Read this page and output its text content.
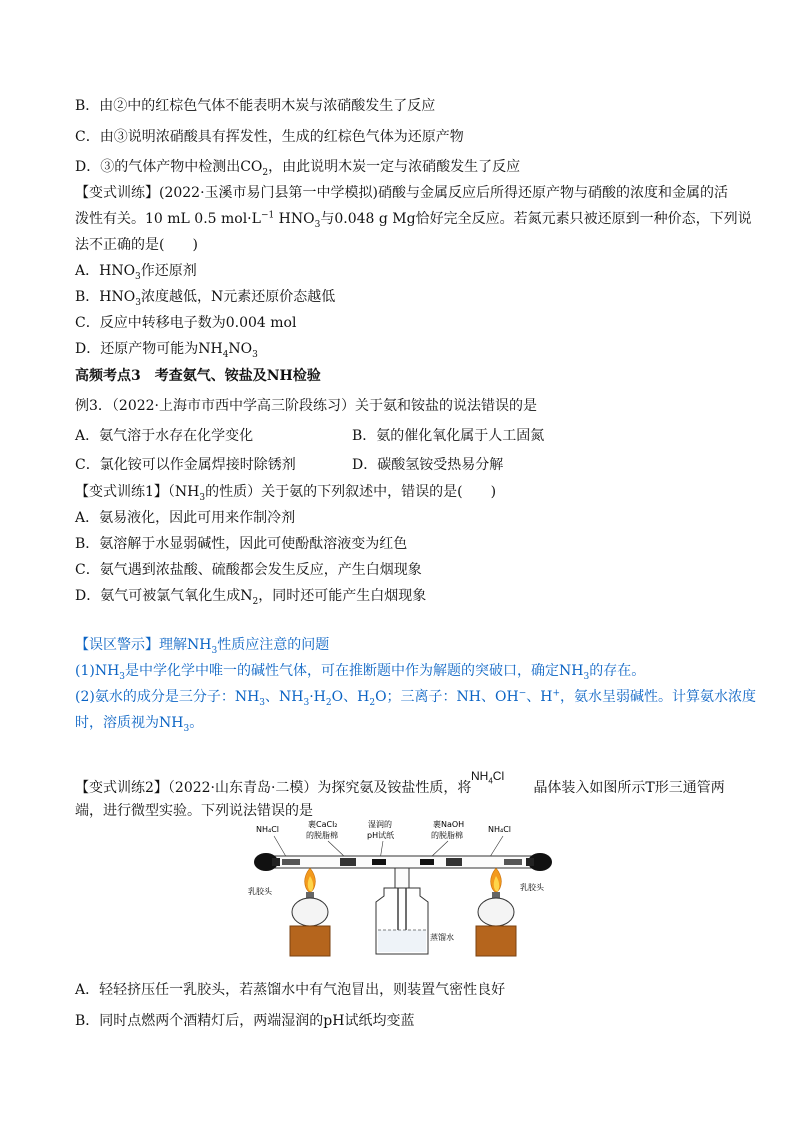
B．由②中的红棕色气体不能表明木炭与浓硝酸发生了反应
C．由③说明浓硝酸具有挥发性，生成的红棕色气体为还原产物
D．③的气体产物中检测出$CO_2$，由此说明木炭一定与浓硝酸发生了反应
【变式训练】(2022·玉溪市易门县第一中学模拟)硝酸与金属反应后所得还原产物与硝酸的浓度和金属的活
泼性有关。10 mL 0.5 $mol\cdot L^{-1}$ $HNO_3$与0.048 g Mg恰好完全反应。若氮元素只被还原到一种价态，下列说
法不正确的是(　　)
A．$HNO_3$作还原剂
B．$HNO_3$浓度越低，N元素还原价态越低
C．反应中转移电子数为0.004 mol
D．还原产物可能为$NH_4NO_3$
高频考点3　考查氨气、铵盐及NH检验
例3．（2022·上海市市西中学高三阶段练习）关于氨和铵盐的说法错误的是
A．氨气溶于水存在化学变化	B．氨的催化氧化属于人工固氮
C．氯化铵可以作金属焊接时除锈剂	D．碳酸氢铵受热易分解
【变式训练1】（$NH_3$的性质）关于氨的下列叙述中，错误的是(　　)
A．氨易液化，因此可用来作制冷剂
B．氨溶解于水显弱碱性，因此可使酚酞溶液变为红色
C．氨气遇到浓盐酸、硫酸都会发生反应，产生白烟现象
D．氨气可被氯气氧化生成$N_2$，同时还可能产生白烟现象
【误区警示】理解$NH_3$性质应注意的问题
$(1)NH_3$是中学化学中唯一的碱性气体，可在推断题中作为解题的突破口，确定$NH_3$的存在。
(2)氨水的成分是三分子：$NH_3$、$NH_3\cdot H_2O$、$H_2O$；三离子：NH、OH−、H+，氨水呈弱碱性。计算氨水浓度
时，溶质视为$NH_3$。
【变式训练2】（2022·山东青岛·二模）为探究氨及铵盐性质，将	晶体装入如图所示T形三通管两
$NH_4Cl$
端，进行微型实验。下列说法错误的是
NH₄Cl
裹CaCl₂
的脱脂棉
湿润的
pH试纸
裹NaOH
的脱脂棉
NH₄Cl
蒸馏水
乳胶头	乳胶头
A．轻轻挤压任一乳胶头，若蒸馏水中有气泡冒出，则装置气密性良好
B．同时点燃两个酒精灯后，两端湿润的pH试纸均变蓝
